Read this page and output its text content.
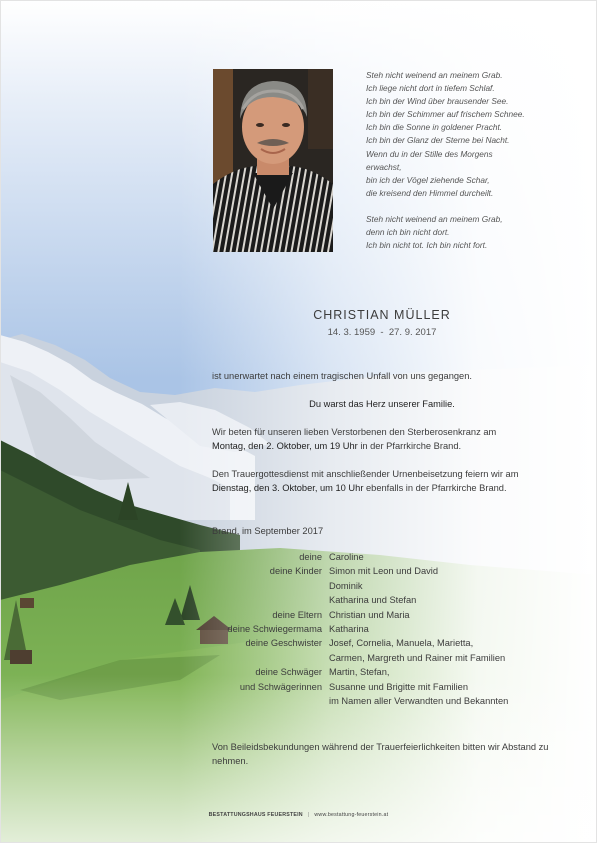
Steh nicht weinend an meinem Grab.
Ich liege nicht dort in tiefem Schlaf.
Ich bin der Wind über brausender See.
Ich bin der Schimmer auf frischem Schnee.
Ich bin die Sonne in goldener Pracht.
Ich bin der Glanz der Sterne bei Nacht.
Wenn du in der Stille des Morgens
erwachst,
bin ich der Vögel ziehende Schar,
die kreisend den Himmel durcheilt.
Steh nicht weinend an meinem Grab,
denn ich bin nicht dort.
Ich bin nicht tot. Ich bin nicht fort.
CHRISTIAN MÜLLER
14. 3. 1959  -  27. 9. 2017
ist unerwartet nach einem tragischen Unfall von uns gegangen.
Du warst das Herz unserer Familie.
Wir beten für unseren lieben Verstorbenen den Sterberosenkranz am
Montag, den 2. Oktober, um 19 Uhr in der Pfarrkirche Brand.
Den Trauergottesdienst mit anschließender Urnenbeisetzung feiern wir am Dienstag, den 3. Oktober, um 10 Uhr ebenfalls in der Pfarrkirche Brand.
Brand, im September 2017
deine Caroline
deine Kinder Simon mit Leon und David
Dominik
Katharina und Stefan
deine Eltern Christian und Maria
deine Schwiegermama Katharina
deine Geschwister Josef, Cornelia, Manuela, Marietta,
Carmen, Margreth und Rainer mit Familien
deine Schwäger Martin, Stefan,
und Schwägerinnen Susanne und Brigitte mit Familien
im Namen aller Verwandten und Bekannten
Von Beileidsbekundungen während der Trauerfeierlichkeiten bitten wir Abstand zu nehmen.
BESTATTUNGSHAUS FEUERSTEIN | www.bestattung-feuerstein.at
